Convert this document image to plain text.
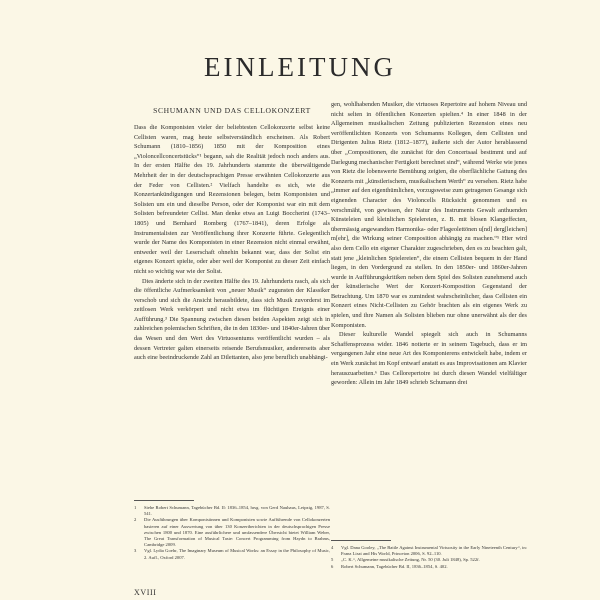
EINLEITUNG
SCHUMANN UND DAS CELLOKONZERT

Dass die Komponisten vieler der beliebtesten Cellokonzerte selbst keine Cellisten waren, mag heute selbstverständlich erscheinen. Als Robert Schumann (1810–1856) 1850 mit der Komposition eines „Violoncellconcertstücks“¹ begann, sah die Realität jedoch noch anders aus. In der ersten Hälfte des 19. Jahrhunderts stammte die überwältigende Mehrheit der in der deutschsprachigen Presse erwähnten Cellokonzerte aus der Feder von Cellisten.² Vielfach handelte es sich, wie die Konzertankündigungen und Rezensionen belegen, beim Komponisten und Solisten um ein und dieselbe Person, oder der Komponist war ein mit dem Solisten befreundeter Cellist. Man denke etwa an Luigi Boccherini (1743–1805) und Bernhard Romberg (1767–1841), deren Erfolge als Instrumentalisten zur Veröffentlichung ihrer Konzerte führte. Gelegentlich wurde der Name des Komponisten in einer Rezension nicht einmal erwähnt, entweder weil der Leserschaft ohnehin bekannt war, dass der Solist ein eigenes Konzert spielte, oder aber weil der Komponist zu dieser Zeit einfach nicht so wichtig war wie der Solist.

Dies änderte sich in der zweiten Hälfte des 19. Jahrhunderts rasch, als sich die öffentliche Aufmerksamkeit von „neuer Musik“ zugunsten der Klassiker verschob und sich die Ansicht herausbildete, dass sich Musik zuvorderst im zeitlosen Werk verkörpert und nicht etwa im flüchtigen Ereignis einer Aufführung.³ Die Spannung zwischen diesen beiden Aspekten zeigt sich in zahlreichen polemischen Schriften, die in den 1830er- und 1840er-Jahren über das Wesen und den Wert des Virtuosentums veröffentlicht wurden – als dessen Vertreter galten einerseits reisende Berufsmusiker, andererseits aber auch eine beeindruckende Zahl an Dilettanten, also jene beruflich unabhängi-

gen, wohlhabenden Musiker, die virtuoses Repertoire auf hohem Niveau und nicht selten in öffentlichen Konzerten spielten.⁴ In einer 1848 in der Allgemeinen musikalischen Zeitung publizierten Rezension eines neu veröffentlichten Konzerts von Schumanns Kollegen, dem Cellisten und Dirigenten Julius Rietz (1812–1877), äußerte sich der Autor herablassend über „Compositionen, die zunächst für den Concertsaal bestimmt und auf Darlegung mechanischer Fertigkeit berechnet sind“, während Werke wie jenes von Rietz die lobenswerte Bemühung zeigten, die oberflächliche Gattung des Konzerts mit „künstlerischem, musikalischem Werth“ zu versehen. Rietz habe „immer auf den eigenthümlichen, vorzugsweise zum getragenen Gesange sich eignenden Character des Violoncells Rücksicht genommen und es verschmäht, von gewissen, der Natur des Instruments Gewalt anthuenden Künsteleien und kleinlichen Spielereien, z. B. mit blosen Klangeffecten, übermässig angewandten Harmonika- oder Flageolettönen u[nd] derg[leichen] m[ehr], die Wirkung seiner Composition abhängig zu machen.“⁵ Hier wird also dem Cello ein eigener Charakter zugeschrieben, den es zu beachten galt, statt jene „kleinlichen Spielereien“, die einem Cellisten bequem in der Hand liegen, in den Vordergrund zu stellen. In den 1850er- und 1860er-Jahren wurde in Aufführungskritiken neben dem Spiel des Solisten zunehmend auch der künstlerische Wert der Konzert-Komposition Gegenstand der Betrachtung. Um 1870 war es zumindest wahrscheinlicher, dass Cellisten ein Konzert eines Nicht-Cellisten zu Gehör brachten als ein eigenes Werk zu spielen, und ihre Namen als Solisten blieben nur ohne unerwähnt als der des Komponisten.

Dieser kulturelle Wandel spiegelt sich auch in Schumanns Schaffensprozess wider. 1846 notierte er in seinem Tagebuch, dass er im vergangenen Jahr eine neue Art des Komponierens entwickelt habe, indem er ein Werk zunächst im Kopf entwarf anstatt es aus Improvisationen am Klavier herauszuarbeiten.⁶ Das Cellorepertoire ist durch diesen Wandel vielfältiger geworden: Allein im Jahr 1849 schrieb Schumann drei

1 Siehe Robert Schumann, Tagebücher Bd. II: 1836–1854, hrsg. von Gerd Nauhaus, Leipzig, 1987, S. 541.
2 Die Ausführungen über Komponistinnen und Komponisten sowie Aufführende von Cellokonzerten basieren auf einer Auswertung von über 130 Konzertberichten in der deutschsprachigen Presse zwischen 1800 und 1870. Eine ausführlichere und umfassendere Übersicht bietet William Weber, The Great Transformation of Musical Taste: Concert Programming from Haydn to Brahms, Cambridge 2009.
3 Vgl. Lydia Goehr, The Imaginary Museum of Musical Works: an Essay in the Philosophy of Music, 2. Aufl., Oxford 2007.
4 Vgl. Dana Gooley, „The Battle Against Instrumental Virtuosity in the Early Nineteenth Century“, in: Franz Liszt and His World, Princeton 2006, S. 92–110.
5 „C. K.“, Allgemeine musikalische Zeitung, Nr. 50 (30. Juli 1848), Sp. 522f.
6 Robert Schumann, Tagebücher Bd. II, 1836–1854, S. 402.
XVIII
